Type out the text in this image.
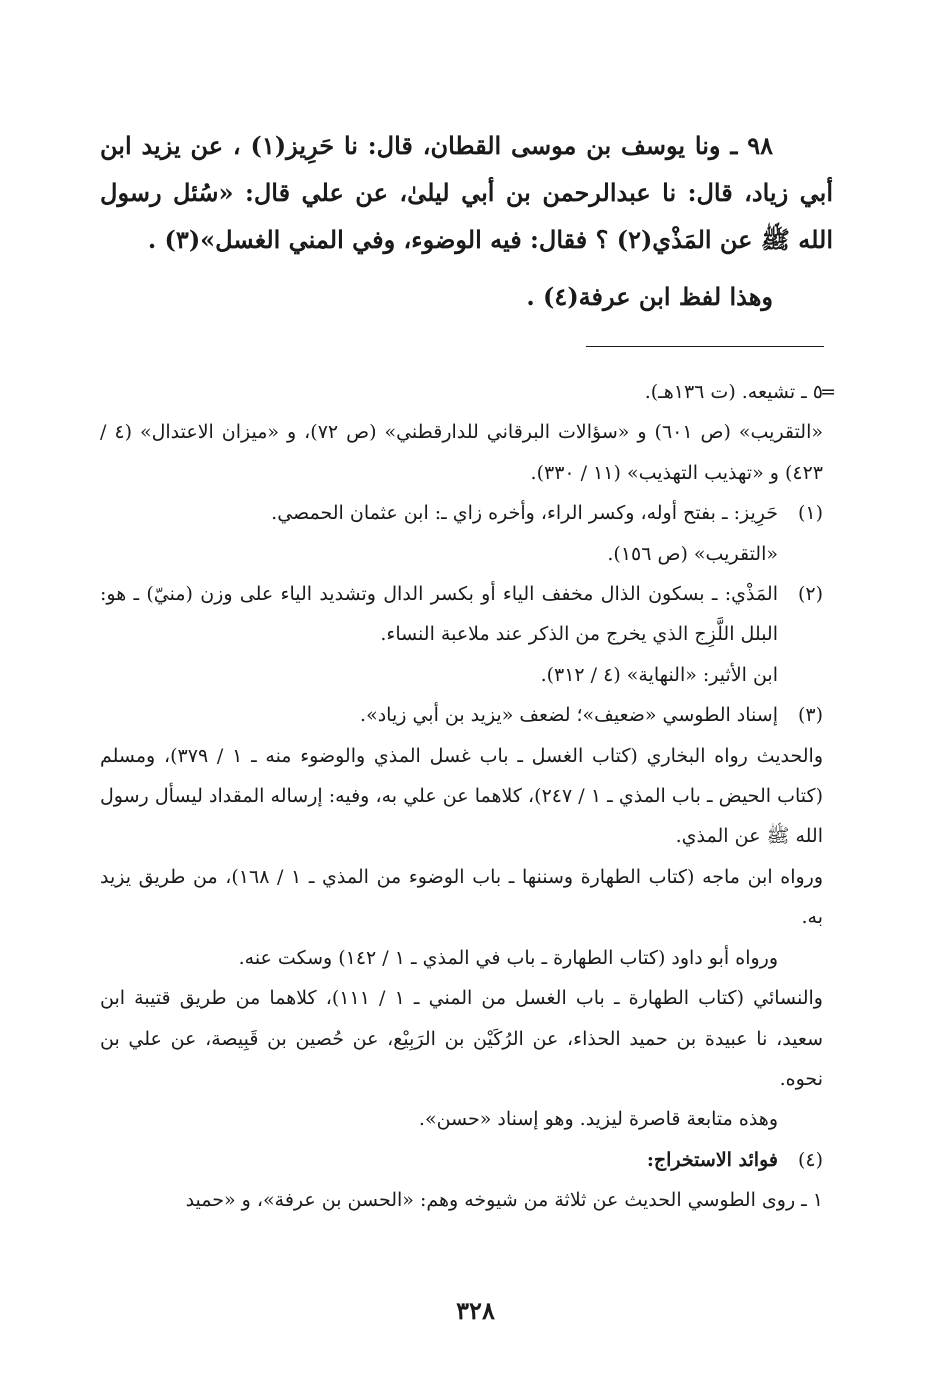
٩٨ ـ ونا يوسف بن موسى القطان، قال: نا حَرِيز(١) ، عن يزيد ابن أبي زياد، قال: نا عبدالرحمن بن أبي ليلىٰ، عن علي قال: «سُئل رسول الله ﷺ عن المَذْي(٢) ؟ فقال: فيه الوضوء، وفي المني الغسل»(٣) .

وهذا لفظ ابن عرفة(٤) .

=

٥ ـ تشيعه. (ت ١٣٦هـ).

«التقريب» (ص ٦٠١) و «سؤالات البرقاني للدارقطني» (ص ٧٢)، و «ميزان الاعتدال» (٤ / ٤٢٣) و «تهذيب التهذيب» (١١ / ٣٣٠).

(١)حَرِيز: ـ بفتح أوله، وكسر الراء، وأخره زاي ـ: ابن عثمان الحمصي.

«التقريب» (ص ١٥٦).

(٢)المَذْي: ـ بسكون الذال مخفف الياء أو بكسر الدال وتشديد الياء على وزن (منيّ) ـ هو: البلل اللَّزِج الذي يخرج من الذكر عند ملاعبة النساء.

ابن الأثير: «النهاية» (٤ / ٣١٢).

(٣)إسناد الطوسي «ضعيف»؛ لضعف «يزيد بن أبي زياد».

والحديث رواه البخاري (كتاب الغسل ـ باب غسل المذي والوضوء منه ـ ١ / ٣٧٩)، ومسلم (كتاب الحيض ـ باب المذي ـ ١ / ٢٤٧)، كلاهما عن علي به، وفيه: إرساله المقداد ليسأل رسول الله ﷺ عن المذي.

ورواه ابن ماجه (كتاب الطهارة وسننها ـ باب الوضوء من المذي ـ ١ / ١٦٨)، من طريق يزيد به.

ورواه أبو داود (كتاب الطهارة ـ باب في المذي ـ ١ / ١٤٢) وسكت عنه.

والنسائي (كتاب الطهارة ـ باب الغسل من المني ـ ١ / ١١١)، كلاهما من طريق قتيبة ابن سعيد، نا عبيدة بن حميد الحذاء، عن الرُكَيْن بن الرَبِيْع، عن حُصين بن قَبِيصة، عن علي بن نحوه.

وهذه متابعة قاصرة ليزيد. وهو إسناد «حسن».

(٤)فوائد الاستخراج:

١ ـ روى الطوسي الحديث عن ثلاثة من شيوخه وهم: «الحسن بن عرفة»، و «حميد

٣٢٨
